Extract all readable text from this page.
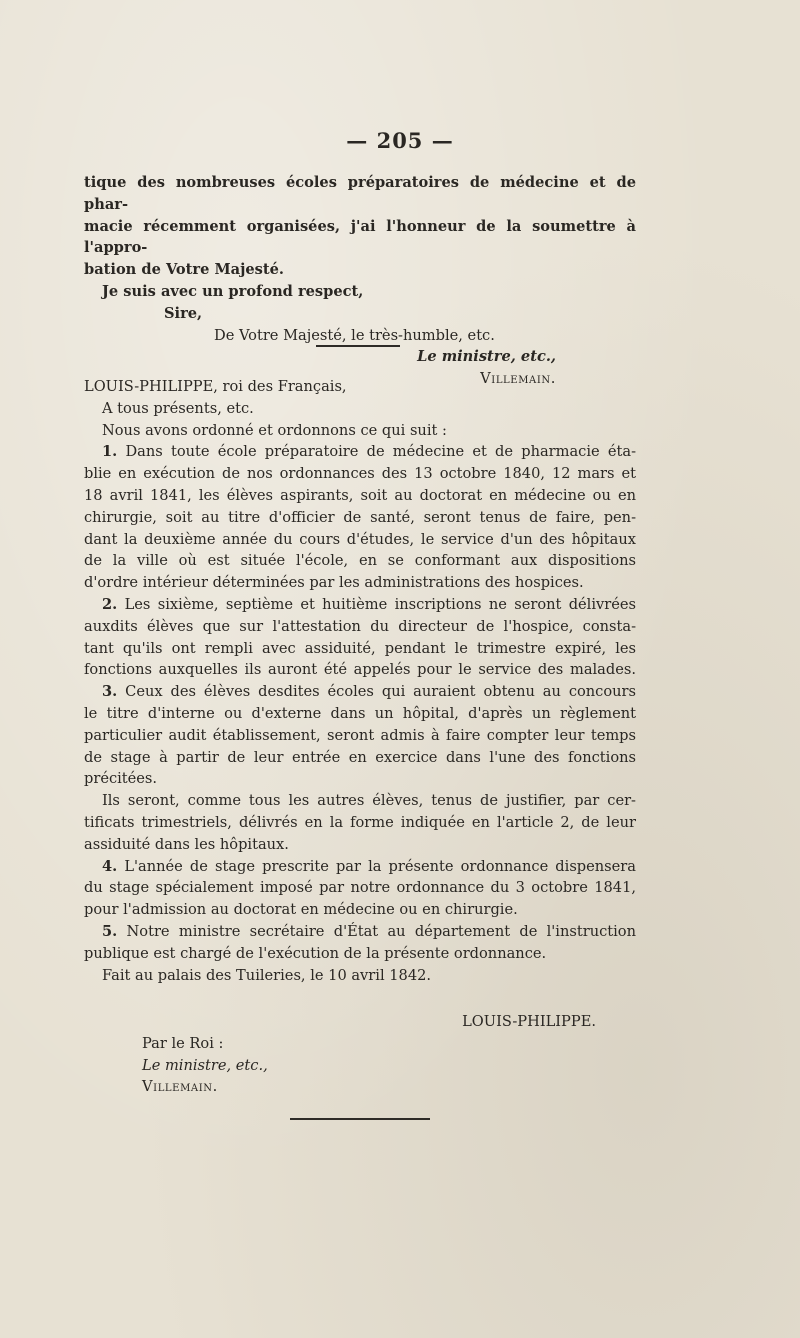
— 205 —
tique des nombreuses écoles préparatoires de médecine et de phar-
macie récemment organisées, j'ai l'honneur de la soumettre à l'appro-
bation de Votre Majesté.
Je suis avec un profond respect,
Sire,
De Votre Majesté, le très-humble, etc.
Le ministre, etc.,
Villemain.
LOUIS-PHILIPPE, roi des Français,
A tous présents, etc.
Nous avons ordonné et ordonnons ce qui suit :
1. Dans toute école préparatoire de médecine et de pharmacie éta-
blie en exécution de nos ordonnances des 13 octobre 1840, 12 mars et
18 avril 1841, les élèves aspirants, soit au doctorat en médecine ou en
chirurgie, soit au titre d'officier de santé, seront tenus de faire, pen-
dant la deuxième année du cours d'études, le service d'un des hôpitaux
de la ville où est située l'école, en se conformant aux dispositions
d'ordre intérieur déterminées par les administrations des hospices.
2. Les sixième, septième et huitième inscriptions ne seront délivrées
auxdits élèves que sur l'attestation du directeur de l'hospice, consta-
tant qu'ils ont rempli avec assiduité, pendant le trimestre expiré, les
fonctions auxquelles ils auront été appelés pour le service des malades.
3. Ceux des élèves desdites écoles qui auraient obtenu au concours
le titre d'interne ou d'externe dans un hôpital, d'après un règlement
particulier audit établissement, seront admis à faire compter leur temps
de stage à partir de leur entrée en exercice dans l'une des fonctions
précitées.
Ils seront, comme tous les autres élèves, tenus de justifier, par cer-
tificats trimestriels, délivrés en la forme indiquée en l'article 2, de leur
assiduité dans les hôpitaux.
4. L'année de stage prescrite par la présente ordonnance dispensera
du stage spécialement imposé par notre ordonnance du 3 octobre 1841,
pour l'admission au doctorat en médecine ou en chirurgie.
5. Notre ministre secrétaire d'État au département de l'instruction
publique est chargé de l'exécution de la présente ordonnance.
Fait au palais des Tuileries, le 10 avril 1842.
LOUIS-PHILIPPE.
Par le Roi :
Le ministre, etc.,
Villemain.
